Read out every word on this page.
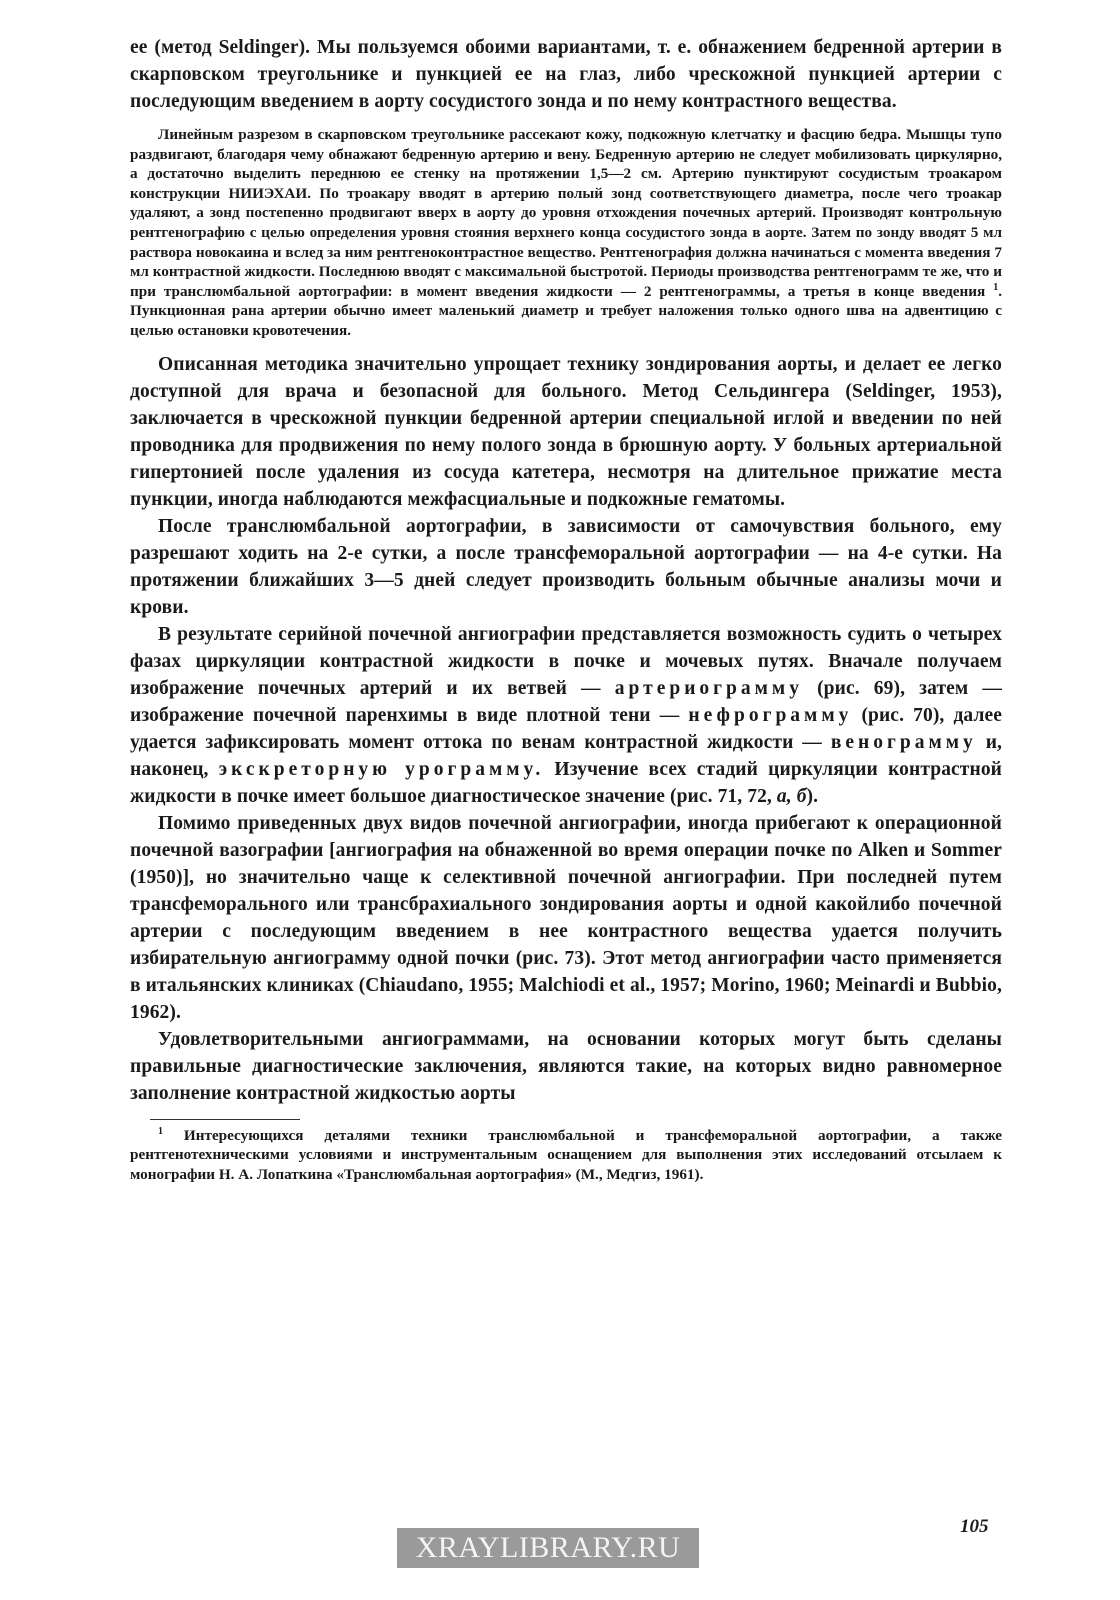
ее (метод Seldinger). Мы пользуемся обоими вариантами, т. е. обнажением бедренной артерии в скарповском треугольнике и пункцией ее на глаз, либо чрескожной пункцией артерии с последующим введением в аорту сосудистого зонда и по нему контрастного вещества.

Линейным разрезом в скарповском треугольнике рассекают кожу, подкожную клетчатку и фасцию бедра. Мышцы тупо раздвигают, благодаря чему обнажают бедренную артерию и вену. Бедренную артерию не следует мобилизовать циркулярно, а достаточно выделить переднюю ее стенку на протяжении 1,5—2 см. Артерию пунктируют сосудистым троакаром конструкции НИИЭХАИ. По троакару вводят в артерию полый зонд соответствующего диаметра, после чего троакар удаляют, а зонд постепенно продвигают вверх в аорту до уровня отхождения почечных артерий. Производят контрольную рентгенографию с целью определения уровня стояния верхнего конца сосудистого зонда в аорте. Затем по зонду вводят 5 мл раствора новокаина и вслед за ним рентгеноконтрастное вещество. Рентгенография должна начинаться с момента введения 7 мл контрастной жидкости. Последнюю вводят с максимальной быстротой. Периоды производства рентгенограмм те же, что и при транслюмбальной аортографии: в момент введения жидкости — 2 рентгенограммы, а третья в конце введения $^1$. Пункционная рана артерии обычно имеет маленький диаметр и требует наложения только одного шва на адвентицию с целью остановки кровотечения.

Описанная методика значительно упрощает технику зондирования аорты, и делает ее легко доступной для врача и безопасной для больного. Метод Сельдингера (Seldinger, 1953), заключается в чрескожной пункции бедренной артерии специальной иглой и введении по ней проводника для продвижения по нему полого зонда в брюшную аорту. У больных артериальной гипертонией после удаления из сосуда катетера, несмотря на длительное прижатие места пункции, иногда наблюдаются межфасциальные и подкожные гематомы.

После транслюмбальной аортографии, в зависимости от самочувствия больного, ему разрешают ходить на 2-е сутки, а после трансфеморальной аортографии — на 4-е сутки. На протяжении ближайших 3—5 дней следует производить больным обычные анализы мочи и крови.

В результате серийной почечной ангиографии представляется возможность судить о четырех фазах циркуляции контрастной жидкости в почке и мочевых путях. Вначале получаем изображение почечных артерий и их ветвей — артериограмму (рис. 69), затем — изображение почечной паренхимы в виде плотной тени — нефрограмму (рис. 70), далее удается зафиксировать момент оттока по венам контрастной жидкости — венограмму и, наконец, экскреторную урограмму. Изучение всех стадий циркуляции контрастной жидкости в почке имеет большое диагностическое значение (рис. 71, 72, а, б).

Помимо приведенных двух видов почечной ангиографии, иногда прибегают к операционной почечной вазографии [ангиография на обнаженной во время операции почке по Alken и Sommer (1950)], но значительно чаще к селективной почечной ангиографии. При последней путем трансфеморального или трансбрахиального зондирования аорты и одной какойлибо почечной артерии с последующим введением в нее контрастного вещества удается получить избирательную ангиограмму одной почки (рис. 73). Этот метод ангиографии часто применяется в итальянских клиниках (Chiaudano, 1955; Malchiodi et al., 1957; Morino, 1960; Meinardi и Bubbio, 1962).

Удовлетворительными ангиограммами, на основании которых могут быть сделаны правильные диагностические заключения, являются такие, на которых видно равномерное заполнение контрастной жидкостью аорты

$^1$ Интересующихся деталями техники транслюмбальной и трансфеморальной аортографии, а также рентгенотехническими условиями и инструментальным оснащением для выполнения этих исследований отсылаем к монографии Н. А. Лопаткина «Транслюмбальная аортография» (М., Медгиз, 1961).

105
XRAYLIBRARY.RU
